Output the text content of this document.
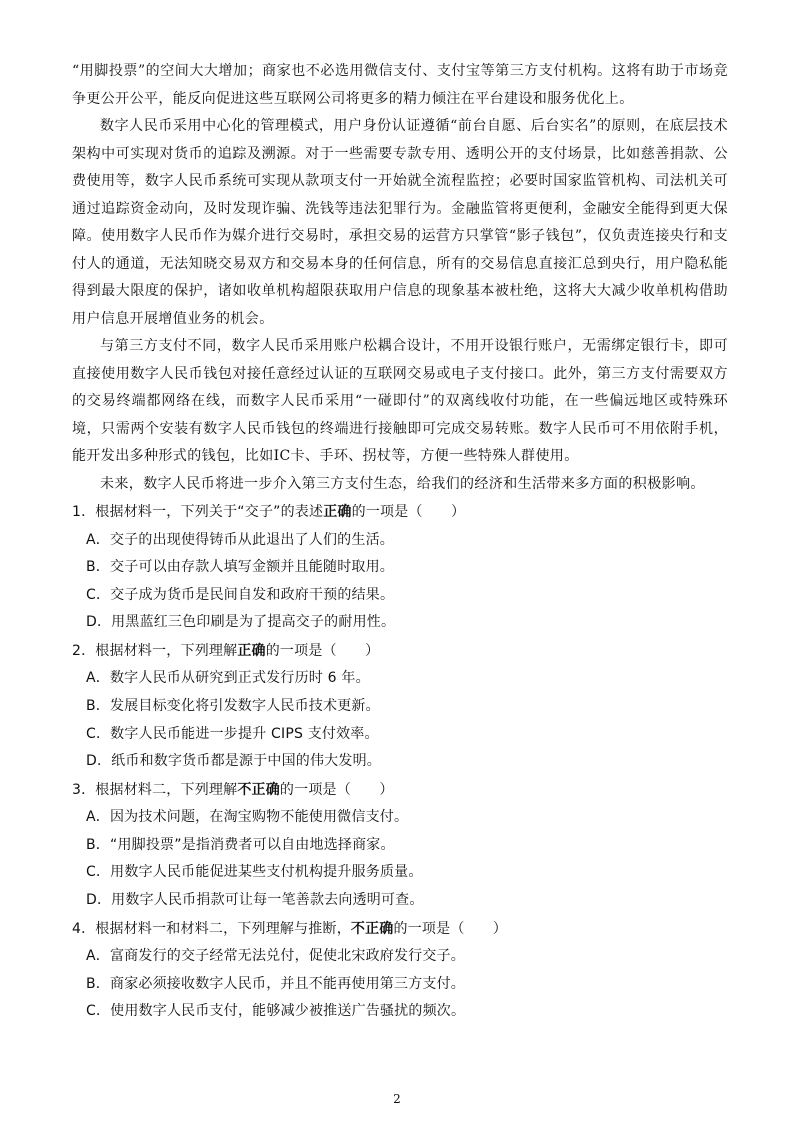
“用脚投票”的空间大大增加；商家也不必选用微信支付、支付宝等第三方支付机构。这将有助于市场竞争更公开公平，能反向促进这些互联网公司将更多的精力倾注在平台建设和服务优化上。

数字人民币采用中心化的管理模式，用户身份认证遵循“前台自愿、后台实名”的原则，在底层技术架构中可实现对货币的追踪及溯源。对于一些需要专款专用、透明公开的支付场景，比如慈善捐款、公费使用等，数字人民币系统可实现从款项支付一开始就全流程监控；必要时国家监管机构、司法机关可通过追踪资金动向，及时发现诈骗、洗钱等违法犯罪行为。金融监管将更便利，金融安全能得到更大保障。使用数字人民币作为媒介进行交易时，承担交易的运营方只掌管“影子钱包”，仅负责连接央行和支付人的通道，无法知晓交易双方和交易本身的任何信息，所有的交易信息直接汇总到央行，用户隐私能得到最大限度的保护，诸如收单机构超限获取用户信息的现象基本被杜绝，这将大大减少收单机构借助用户信息开展增值业务的机会。

与第三方支付不同，数字人民币采用账户松耦合设计，不用开设银行账户，无需绑定银行卡，即可直接使用数字人民币钱包对接任意经过认证的互联网交易或电子支付接口。此外，第三方支付需要双方的交易终端都网络在线，而数字人民币采用“一碰即付”的双离线收付功能，在一些偏远地区或特殊环境，只需两个安装有数字人民币钱包的终端进行接触即可完成交易转账。数字人民币可不用依附手机，能开发出多种形式的钱包，比如IC卡、手环、拐杖等，方便一些特殊人群使用。

未来，数字人民币将进一步介入第三方支付生态，给我们的经济和生活带来多方面的积极影响。

1．根据材料一，下列关于“交子”的表述正确的一项是（　　）

A．交子的出现使得铸币从此退出了人们的生活。

B．交子可以由存款人填写金额并且能随时取用。

C．交子成为货币是民间自发和政府干预的结果。

D．用黑蓝红三色印刷是为了提高交子的耐用性。

2．根据材料一，下列理解正确的一项是（　　）

A．数字人民币从研究到正式发行历时 6 年。

B．发展目标变化将引发数字人民币技术更新。

C．数字人民币能进一步提升 CIPS 支付效率。

D．纸币和数字货币都是源于中国的伟大发明。

3．根据材料二，下列理解不正确的一项是（　　）

A．因为技术问题，在淘宝购物不能使用微信支付。

B．“用脚投票”是指消费者可以自由地选择商家。

C．用数字人民币能促进某些支付机构提升服务质量。

D．用数字人民币捐款可让每一笔善款去向透明可查。

4．根据材料一和材料二，下列理解与推断，不正确的一项是（　　）

A．富商发行的交子经常无法兑付，促使北宋政府发行交子。

B．商家必须接收数字人民币，并且不能再使用第三方支付。

C．使用数字人民币支付，能够减少被推送广告骚扰的频次。

2
